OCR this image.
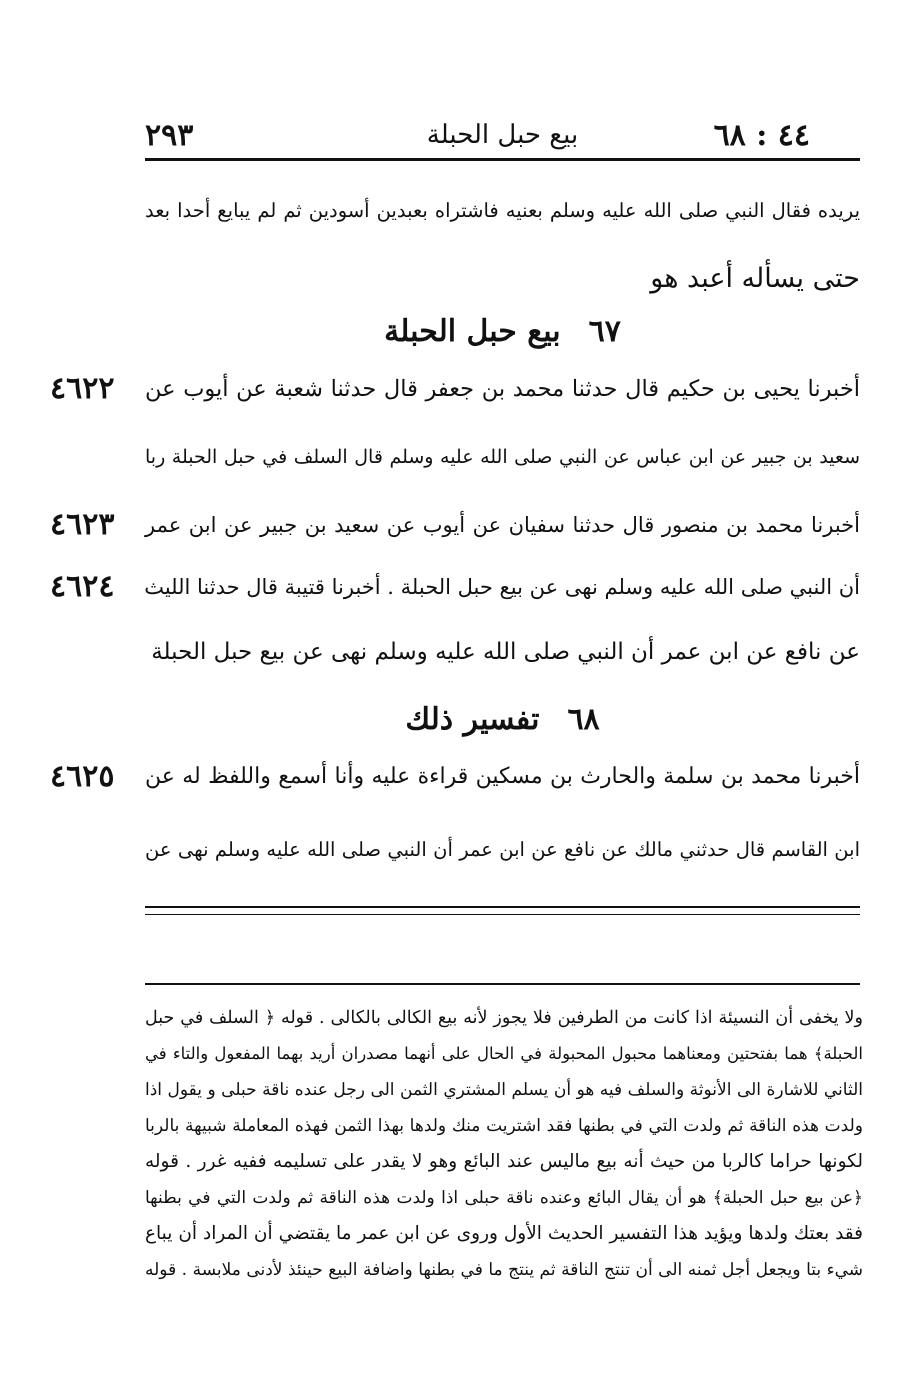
٢٩٣	بيع حبل الحبلة	٤٤ : ٦٨
يريده فقال النبي صلى الله عليه وسلم بعنيه فاشتراه بعبدين أسودين ثم لم يبايع أحدا بعد
حتى يسأله أعبد هو
٦٧بيع حبل الحبلة
٤٦٢٢	أخبرنا يحيى بن حكيم قال حدثنا محمد بن جعفر قال حدثنا شعبة عن أيوب عن
سعيد بن جبير عن ابن عباس عن النبي صلى الله عليه وسلم قال السلف في حبل الحبلة ربا
٤٦٢٣	أخبرنا محمد بن منصور قال حدثنا سفيان عن أيوب عن سعيد بن جبير عن ابن عمر
٤٦٢٤	أن النبي صلى الله عليه وسلم نهى عن بيع حبل الحبلة . أخبرنا قتيبة قال حدثنا الليث
عن نافع عن ابن عمر أن النبي صلى الله عليه وسلم نهى عن بيع حبل الحبلة
٦٨تفسير ذلك
٤٦٢٥	أخبرنا محمد بن سلمة والحارث بن مسكين قراءة عليه وأنا أسمع واللفظ له عن
ابن القاسم قال حدثني مالك عن نافع عن ابن عمر أن النبي صلى الله عليه وسلم نهى عن
ولا يخفى أن النسيئة اذا كانت من الطرفين فلا يجوز لأنه بيع الكالى بالكالى . قوله ﴿ السلف في حبل
الحبلة﴾ هما بفتحتين ومعناهما محبول المحبولة في الحال على أنهما مصدران أريد بهما المفعول والتاء في
الثاني للاشارة الى الأنوثة والسلف فيه هو أن يسلم المشتري الثمن الى رجل عنده ناقة حبلى و يقول اذا
ولدت هذه الناقة ثم ولدت التي في بطنها فقد اشتريت منك ولدها بهذا الثمن فهذه المعاملة شبيهة بالربا
لكونها حراما كالربا من حيث أنه بيع ماليس عند البائع وهو لا يقدر على تسليمه ففيه غرر . قوله
﴿عن بيع حبل الحبلة﴾ هو أن يقال البائع وعنده ناقة حبلى اذا ولدت هذه الناقة ثم ولدت التي في بطنها
فقد بعتك ولدها ويؤيد هذا التفسير الحديث الأول وروى عن ابن عمر ما يقتضي أن المراد أن يباع
شيء بتا ويجعل أجل ثمنه الى أن تنتج الناقة ثم ينتج ما في بطنها واضافة البيع حينئذ لأدنى ملابسة . قوله
